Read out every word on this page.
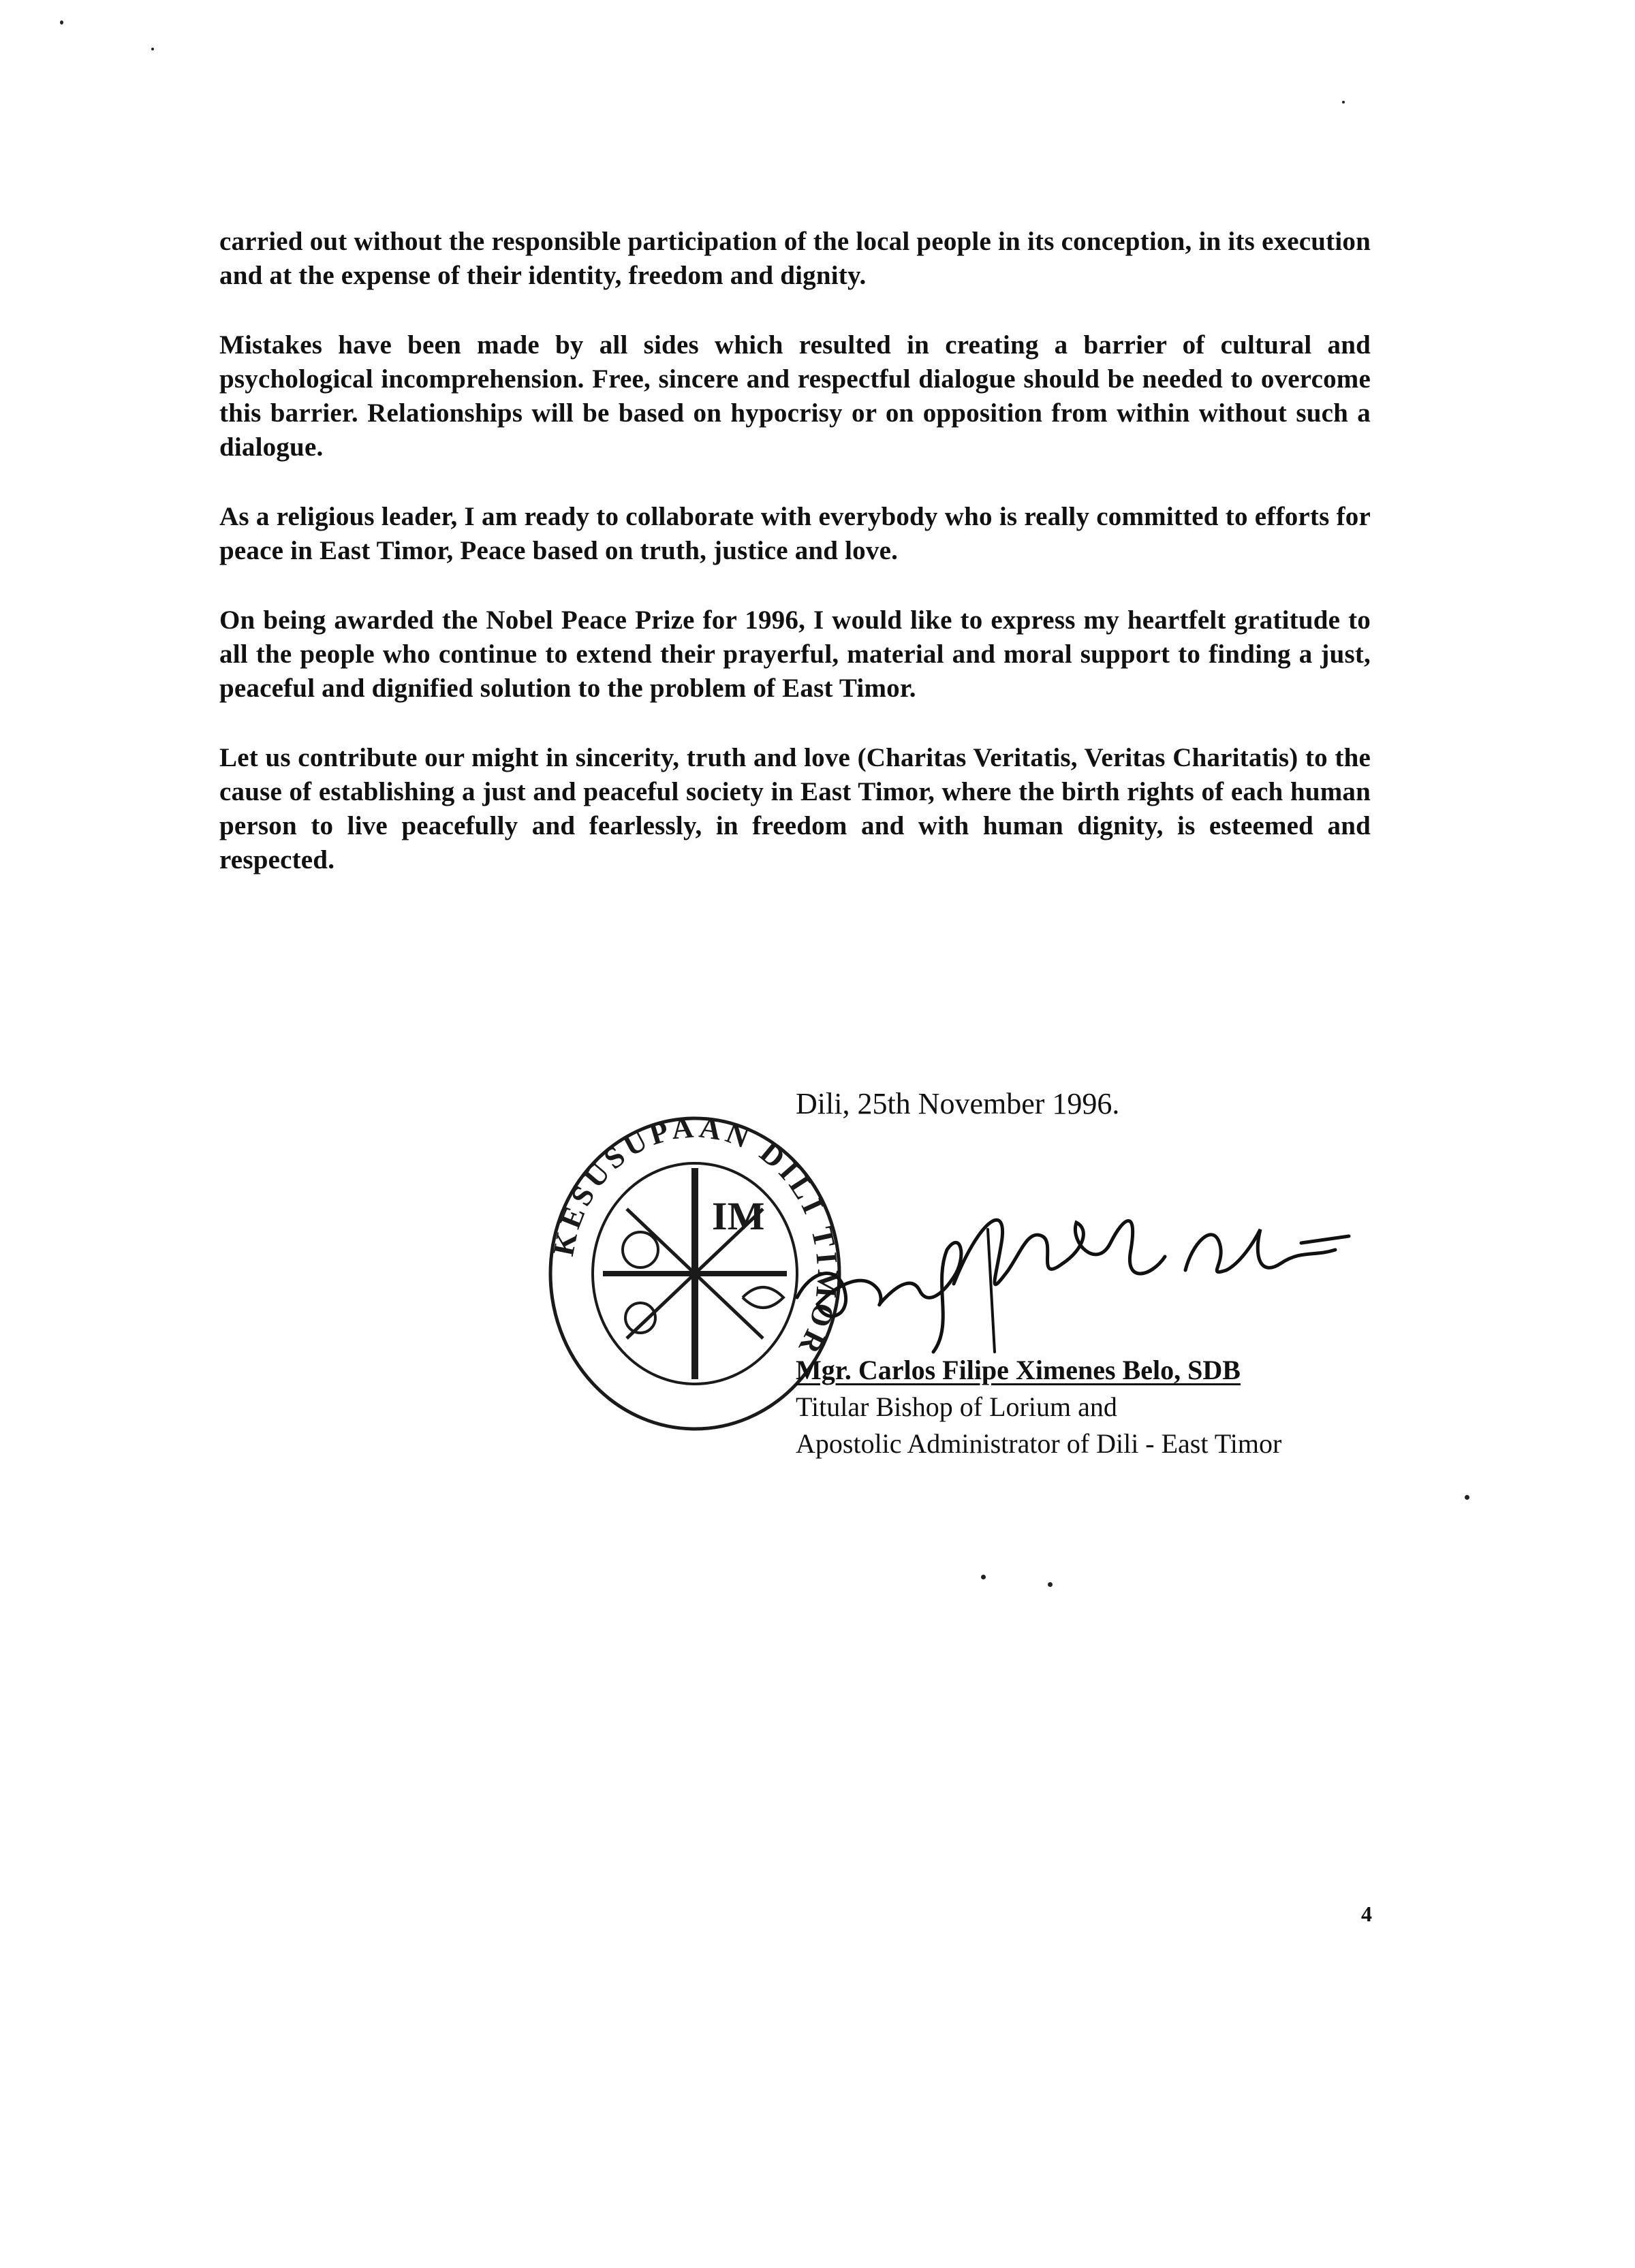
carried out without the responsible participation of the local people in its conception, in its execution and at the expense of their identity, freedom and dignity.

Mistakes have been made by all sides which resulted in creating a barrier of cultural and psychological incomprehension. Free, sincere and respectful dialogue should be needed to overcome this barrier. Relationships will be based on hypocrisy or on opposition from within without such a dialogue.

As a religious leader, I am ready to collaborate with everybody who is really committed to efforts for peace in East Timor, Peace based on truth, justice and love.

On being awarded the Nobel Peace Prize for 1996, I would like to express my heartfelt gratitude to all the people who continue to extend their prayerful, material and moral support to finding a just, peaceful and dignified solution to the problem of East Timor.

Let us contribute our might in sincerity, truth and love (Charitas Veritatis, Veritas Charitatis) to the cause of establishing a just and peaceful society in East Timor, where the birth rights of each human person to live peacefully and fearlessly, in freedom and with human dignity, is esteemed and respected.

Dili, 25th November 1996.
KESUSUPAAN DILI TIMOR
IM
Mgr. Carlos Filipe Ximenes Belo, SDB
Titular Bishop of Lorium and
Apostolic Administrator of Dili - East Timor
4
